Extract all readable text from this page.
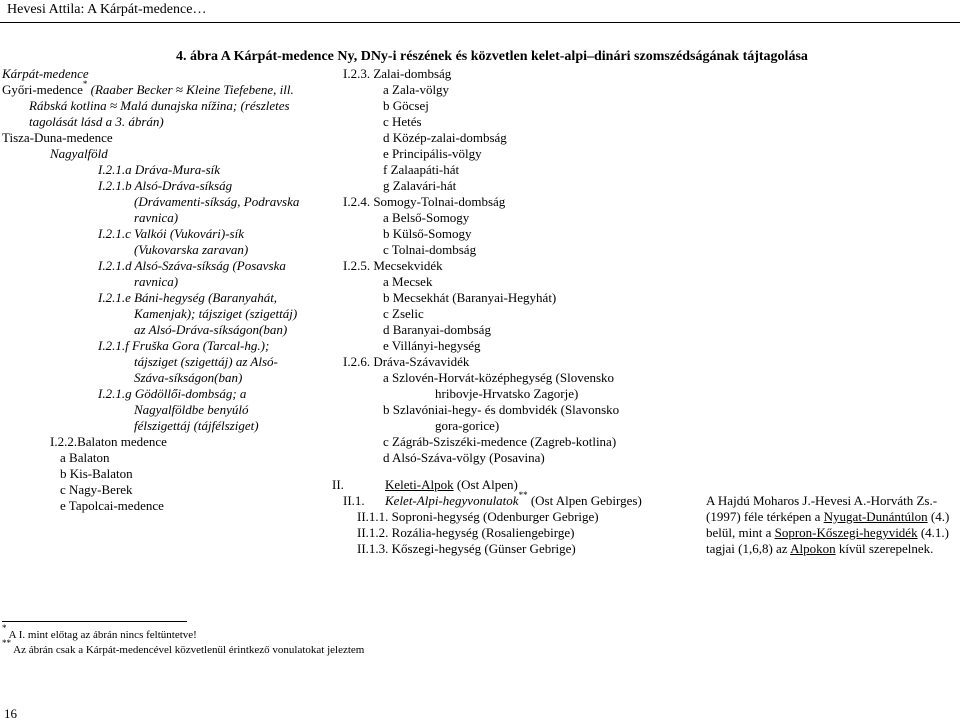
Hevesi Attila: A Kárpát-medence…
4. ábra A Kárpát-medence Ny, DNy-i részének és közvetlen kelet-alpi–dinári szomszédságának tájtagolása
Kárpát-medence
Győri-medence* (Raaber Becker ≈ Kleine Tiefebene, ill.
Rábská kotlina ≈ Malá dunajska nížina; (részletes
tagolását lásd a 3. ábrán)
Tisza-Duna-medence
Nagyalföld
I.2.1.a Dráva-Mura-sík
I.2.1.b Alsó-Dráva-síkság
(Drávamenti-síkság, Podravska
ravnica)
I.2.1.c Valkói (Vukovári)-sík
(Vukovarska zaravan)
I.2.1.d Alsó-Száva-síkság (Posavska
ravnica)
I.2.1.e Báni-hegység (Baranyahát,
Kamenjak); tájsziget (szigettáj)
az Alsó-Dráva-síkságon(ban)
I.2.1.f Fruška Gora (Tarcal-hg.);
tájsziget (szigettáj) az Alsó-
Száva-síkságon(ban)
I.2.1.g Gödöllői-dombság; a
Nagyalföldbe benyúló
félszigettáj (tájfélsziget)
I.2.2.Balaton medence
a Balaton
b Kis-Balaton
c Nagy-Berek
e Tapolcai-medence
I.2.3. Zalai-dombság
a Zala-völgy
b Göcsej
c Hetés
d Közép-zalai-dombság
e Principális-völgy
f Zalaapáti-hát
g Zalavári-hát
I.2.4. Somogy-Tolnai-dombság
a Belső-Somogy
b Külső-Somogy
c Tolnai-dombság
I.2.5. Mecsekvidék
a Mecsek
b Mecsekhát (Baranyai-Hegyhát)
c Zselic
d Baranyai-dombság
e Villányi-hegység
I.2.6. Dráva-Szávavidék
a Szlovén-Horvát-középhegység (Slovensko
hribovje-Hrvatsko Zagorje)
b Szlavóniai-hegy- és dombvidék (Slavonsko
gora-gorice)
c Zágráb-Sziszéki-medence (Zagreb-kotlina)
d Alsó-Száva-völgy (Posavina)
II.	Keleti-Alpok (Ost Alpen)
II.1. Kelet-Alpi-hegyvonulatok** (Ost Alpen Gebirges)
II.1.1. Soproni-hegység (Odenburger Gebrige)
II.1.2. Rozália-hegység (Rosaliengebirge)
II.1.3. Kőszegi-hegység (Günser Gebrige)
A Hajdú Moharos J.-Hevesi A.-Horváth Zs.-
(1997) féle térképen a Nyugat-Dunántúlon (4.)
belül, mint a Sopron-Kőszegi-hegyvidék (4.1.)
tagjai (1,6,8) az Alpokon kívül szerepelnek.
* A I. mint előtag az ábrán nincs feltüntetve!
** Az ábrán csak a Kárpát-medencével közvetlenül érintkező vonulatokat jeleztem
16
